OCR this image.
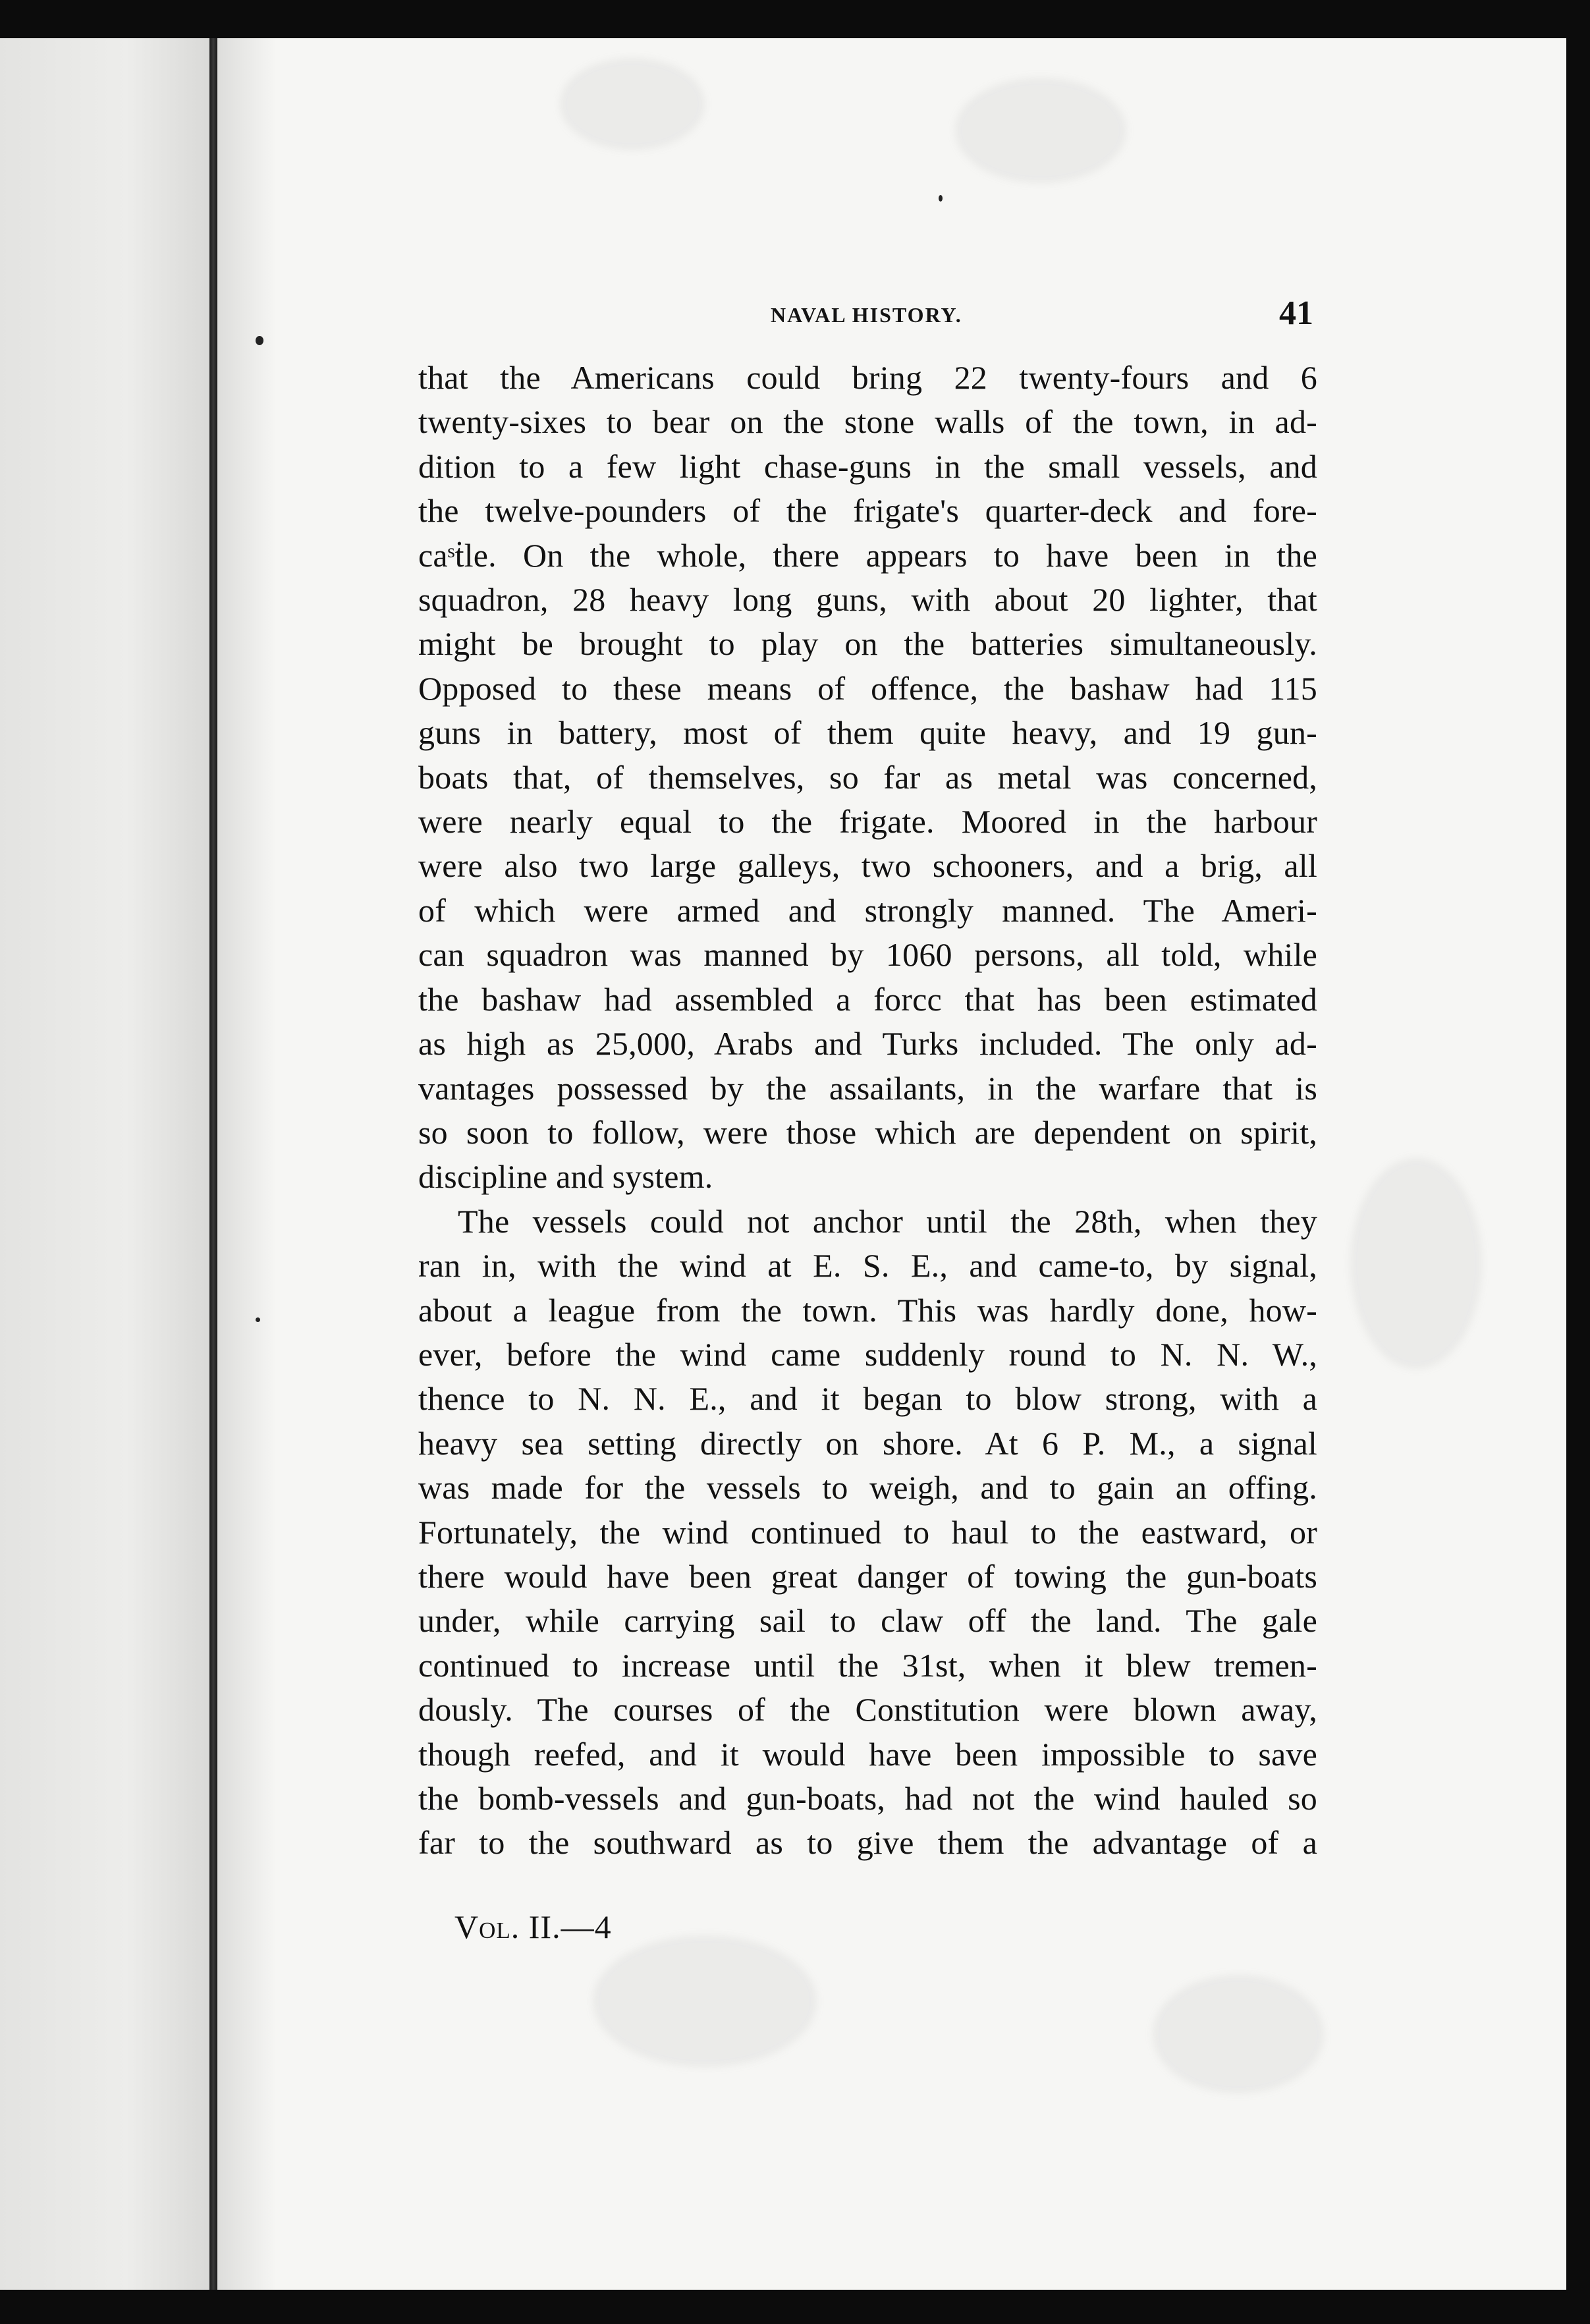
NAVAL HISTORY.	41
that the Americans could bring 22 twenty-fours and 6
twenty-sixes to bear on the stone walls of the town, in ad-
dition to a few light chase-guns in the small vessels, and
the twelve-pounders of the frigate's quarter-deck and fore-
caˢṫle. On the whole, there appears to have been in the
squadron, 28 heavy long guns, with about 20 lighter, that
might be brought to play on the batteries simultaneously.
Opposed to these means of offence, the bashaw had 115
guns in battery, most of them quite heavy, and 19 gun-
boats that, of themselves, so far as metal was concerned,
were nearly equal to the frigate. Moored in the harbour
were also two large galleys, two schooners, and a brig, all
of which were armed and strongly manned. The Ameri-
can squadron was manned by 1060 persons, all told, while
the bashaw had assembled a forcc that has been estimated
as high as 25,000, Arabs and Turks included. The only ad-
vantages possessed by the assailants, in the warfare that is
so soon to follow, were those which are dependent on spirit,
discipline and system.
The vessels could not anchor until the 28th, when they
ran in, with the wind at E. S. E., and came-to, by signal,
about a league from the town. This was hardly done, how-
ever, before the wind came suddenly round to N. N. W.,
thence to N. N. E., and it began to blow strong, with a
heavy sea setting directly on shore. At 6 P. M., a signal
was made for the vessels to weigh, and to gain an offing.
Fortunately, the wind continued to haul to the eastward, or
there would have been great danger of towing the gun-boats
under, while carrying sail to claw off the land. The gale
continued to increase until the 31st, when it blew tremen-
dously. The courses of the Constitution were blown away,
though reefed, and it would have been impossible to save
the bomb-vessels and gun-boats, had not the wind hauled so
far to the southward as to give them the advantage of a
Vol. II.—4
